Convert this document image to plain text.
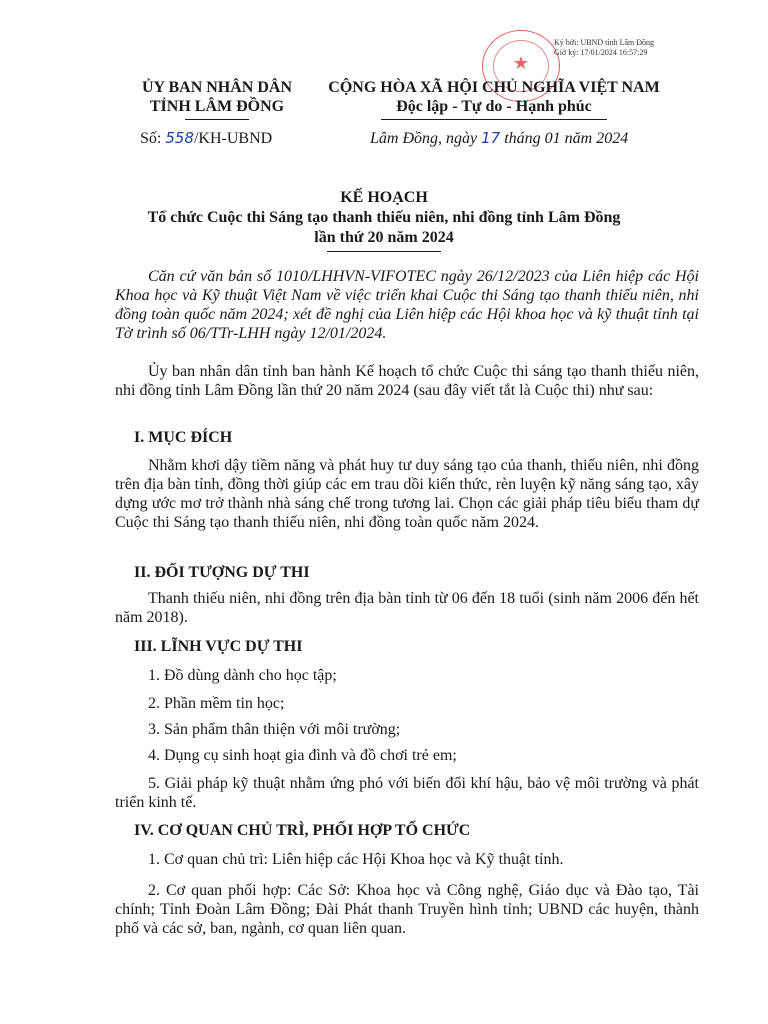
★
Ký bởi: UBND tỉnh Lâm Đồng
Giờ ký: 17/01/2024 16:57:29
ỦY BAN NHÂN DÂN
TỈNH LÂM ĐỒNG
CỘNG HÒA XÃ HỘI CHỦ NGHĨA VIỆT NAM
Độc lập - Tự do - Hạnh phúc
Số: 558/KH-UBND	Lâm Đồng, ngày 17 tháng 01 năm 2024
KẾ HOẠCH
Tổ chức Cuộc thi Sáng tạo thanh thiếu niên, nhi đồng tỉnh Lâm Đồng
lần thứ 20 năm 2024

Căn cứ văn bản số 1010/LHHVN-VIFOTEC ngày 26/12/2023 của Liên hiệp các Hội Khoa học và Kỹ thuật Việt Nam về việc triển khai Cuộc thi Sáng tạo thanh thiếu niên, nhi đồng toàn quốc năm 2024; xét đề nghị của Liên hiệp các Hội khoa học và kỹ thuật tỉnh tại Tờ trình số 06/TTr-LHH ngày 12/01/2024.

Ủy ban nhân dân tỉnh ban hành Kế hoạch tổ chức Cuộc thi sáng tạo thanh thiếu niên, nhi đồng tỉnh Lâm Đồng lần thứ 20 năm 2024 (sau đây viết tắt là Cuộc thi) như sau:

I. MỤC ĐÍCH

Nhằm khơi dậy tiềm năng và phát huy tư duy sáng tạo của thanh, thiếu niên, nhi đồng trên địa bàn tỉnh, đồng thời giúp các em trau dồi kiến thức, rèn luyện kỹ năng sáng tạo, xây dựng ước mơ trở thành nhà sáng chế trong tương lai. Chọn các giải pháp tiêu biểu tham dự Cuộc thi Sáng tạo thanh thiếu niên, nhi đồng toàn quốc năm 2024.

II. ĐỐI TƯỢNG DỰ THI

Thanh thiếu niên, nhi đồng trên địa bàn tỉnh từ 06 đến 18 tuổi (sinh năm 2006 đến hết năm 2018).

III. LĨNH VỰC DỰ THI

1. Đồ dùng dành cho học tập;

2. Phần mềm tin học;

3. Sản phẩm thân thiện với môi trường;

4. Dụng cụ sinh hoạt gia đình và đồ chơi trẻ em;

5. Giải pháp kỹ thuật nhằm ứng phó với biến đổi khí hậu, bảo vệ môi trường và phát triển kinh tế.

IV. CƠ QUAN CHỦ TRÌ, PHỐI HỢP TỔ CHỨC

1. Cơ quan chủ trì: Liên hiệp các Hội Khoa học và Kỹ thuật tỉnh.

2. Cơ quan phối hợp: Các Sở: Khoa học và Công nghệ, Giáo dục và Đào tạo, Tài chính; Tỉnh Đoàn Lâm Đồng; Đài Phát thanh Truyền hình tỉnh; UBND các huyện, thành phố và các sở, ban, ngành, cơ quan liên quan.
